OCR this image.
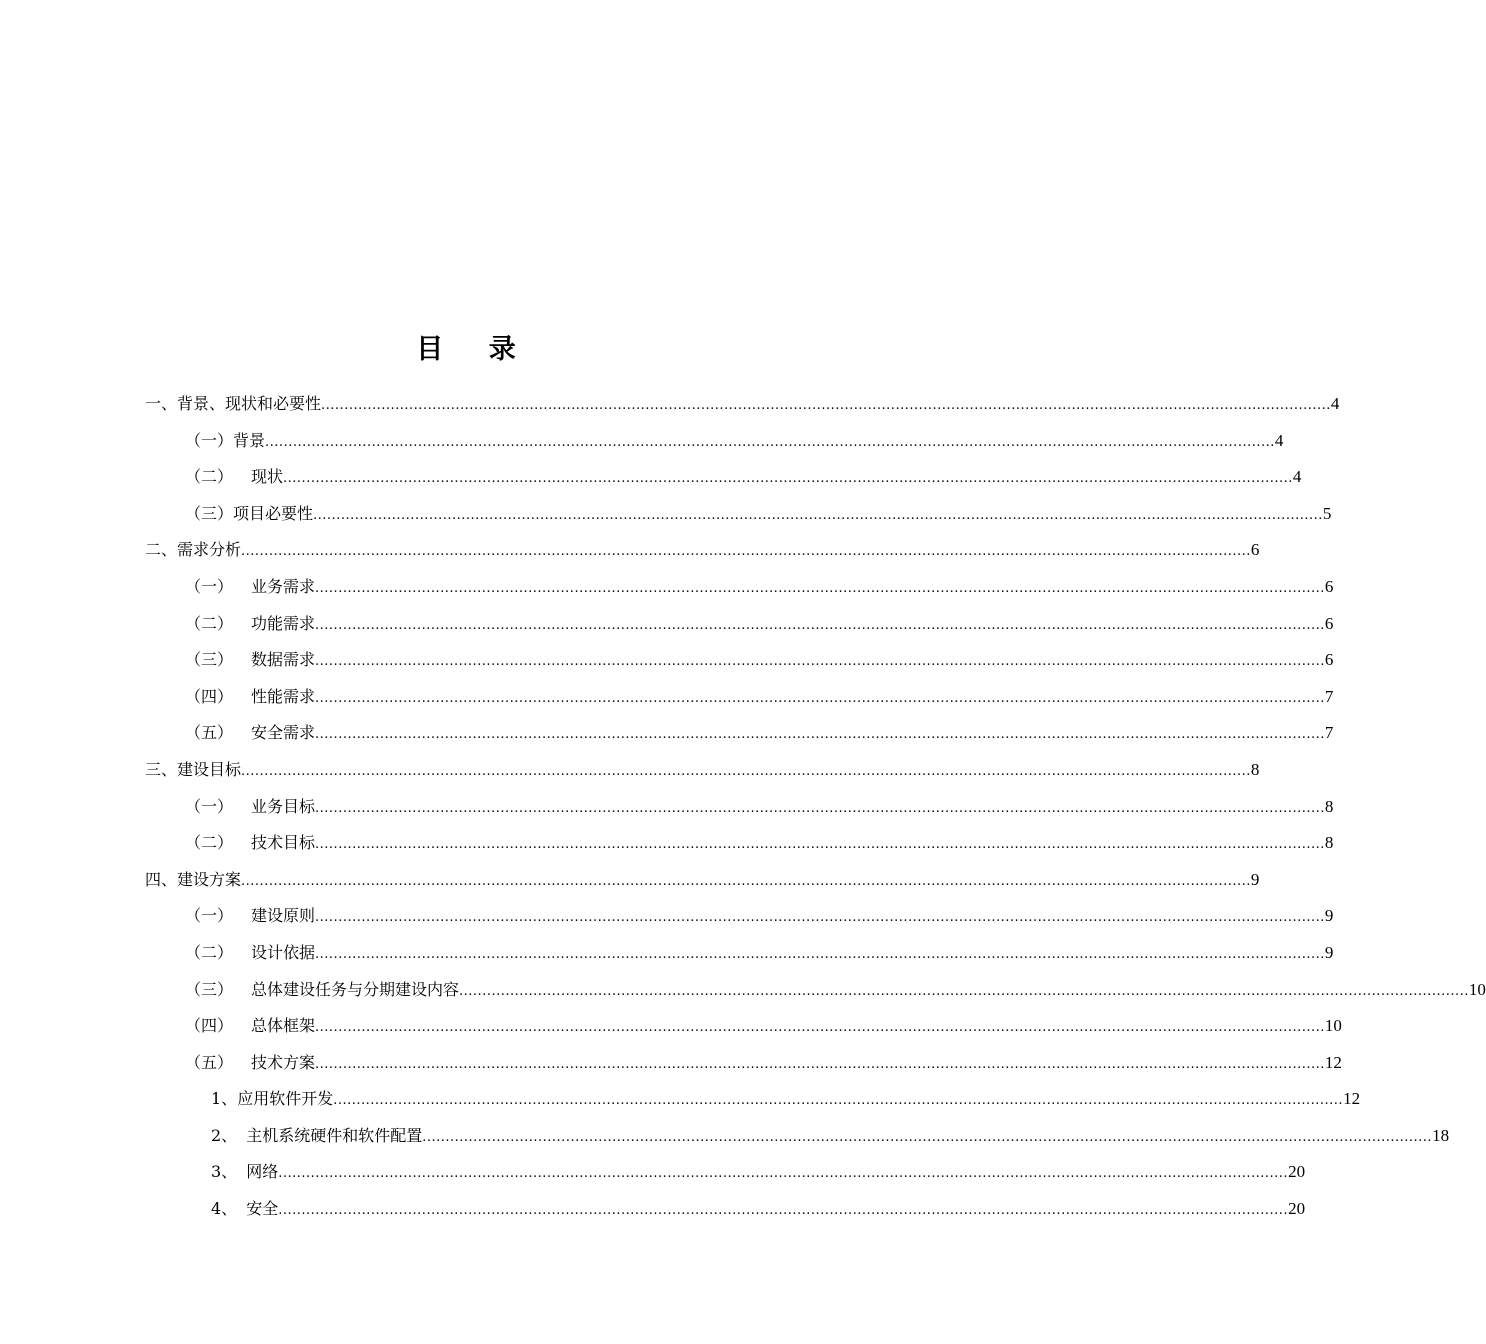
目 录
一、 背景、现状和必要性 .......................................................................................................................................................................................................................... 4
（一） 背景 .......................................................................................................................................................................................................................... 4
（二） 现状 .......................................................................................................................................................................................................................... 4
（三） 项目必要性 .......................................................................................................................................................................................................................... 5
二、 需求分析 .......................................................................................................................................................................................................................... 6
（一） 业务需求 .......................................................................................................................................................................................................................... 6
（二） 功能需求 .......................................................................................................................................................................................................................... 6
（三） 数据需求 .......................................................................................................................................................................................................................... 6
（四） 性能需求 .......................................................................................................................................................................................................................... 7
（五） 安全需求 .......................................................................................................................................................................................................................... 7
三、 建设目标 .......................................................................................................................................................................................................................... 8
（一） 业务目标 .......................................................................................................................................................................................................................... 8
（二） 技术目标 .......................................................................................................................................................................................................................... 8
四、 建设方案 .......................................................................................................................................................................................................................... 9
（一） 建设原则 .......................................................................................................................................................................................................................... 9
（二） 设计依据 .......................................................................................................................................................................................................................... 9
（三） 总体建设任务与分期建设内容 .......................................................................................................................................................................................................................... 10
（四） 总体框架 .......................................................................................................................................................................................................................... 10
（五） 技术方案 .......................................................................................................................................................................................................................... 12
1、 应用软件开发 .......................................................................................................................................................................................................................... 12
2、 主机系统硬件和软件配置 .......................................................................................................................................................................................................................... 18
3、 网络 .......................................................................................................................................................................................................................... 20
4、 安全 .......................................................................................................................................................................................................................... 20
